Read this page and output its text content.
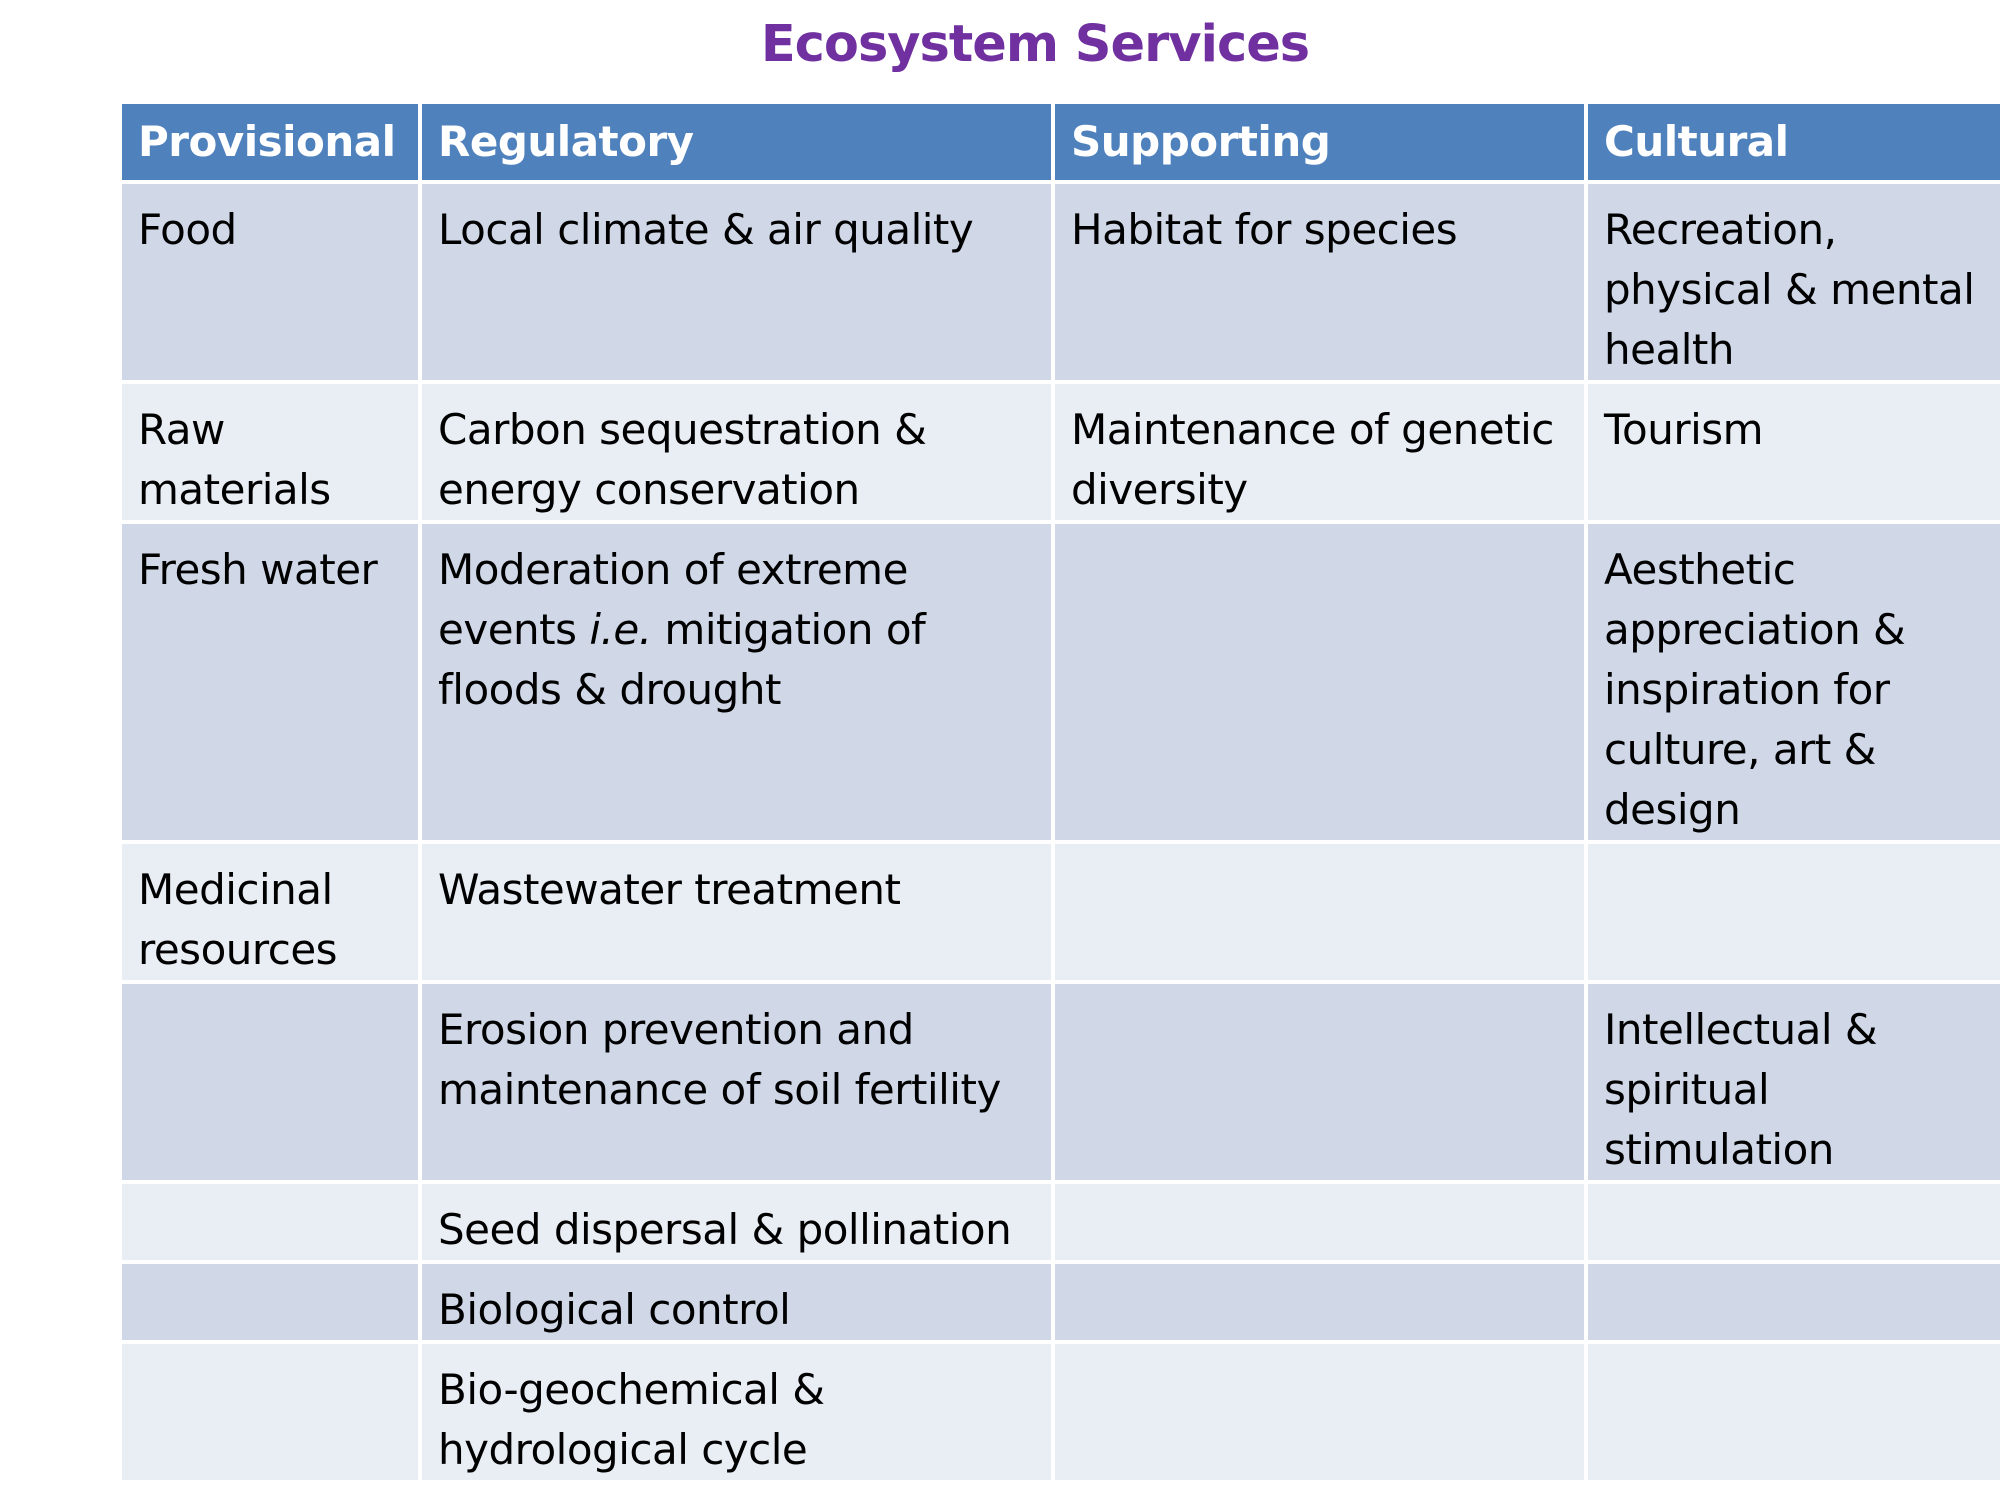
Ecosystem Services
Provisional	Regulatory	Supporting	Cultural
Food	Local climate & air quality	Habitat for species	Recreation, physical & mental health
Raw materials	Carbon sequestration & energy conservation	Maintenance of genetic diversity	Tourism
Fresh water	Moderation of extreme events i.e. mitigation of floods & drought		Aesthetic appreciation & inspiration for culture, art & design
Medicinal resources	Wastewater treatment		
	Erosion prevention and maintenance of soil fertility		Intellectual & spiritual stimulation
	Seed dispersal & pollination		
	Biological control		
	Bio-geochemical & hydrological cycle		
